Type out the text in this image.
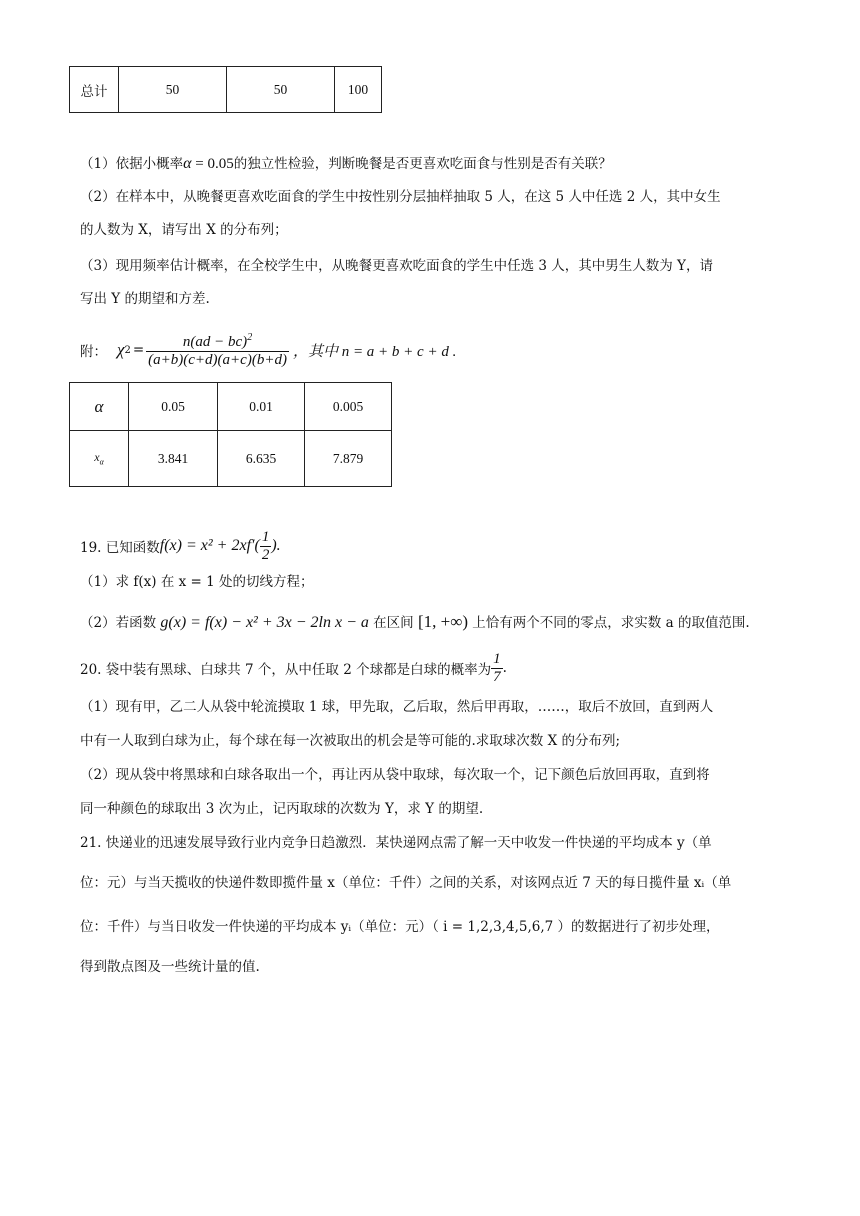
总计	50	50	100
（1）依据小概率α = 0.05的独立性检验，判断晚餐是否更喜欢吃面食与性别是否有关联？
（2）在样本中，从晚餐更喜欢吃面食的学生中按性别分层抽样抽取 5 人，在这 5 人中任选 2 人，其中女生
的人数为 X，请写出 X 的分布列；
（3）现用频率估计概率，在全校学生中，从晚餐更喜欢吃面食的学生中任选 3 人，其中男生人数为 Y，请
写出 Y 的期望和方差.
附： χ $2 = \frac{n(ad - bc)^2}{(a+b)(c+d)(a+c)(b+d)}$ ，其中 n = a + b + c + d .
α	0.05	0.01	0.005
$x_\alpha$	3.841	6.635	7.879
19. 已知函数 $f(x) = x^2 + 2xf'( \frac{1}{2}$ ).
（1）求 f(x) 在 x = 1 处的切线方程；
（2）若函数 g(x) = f(x) − x² + 3x − 2ln x − a 在区间 [1, +∞) 上恰有两个不同的零点，求实数 a 的取值范围.
20. 袋中装有黑球、白球共 7 个，从中任取 2 个球都是白球的概率为 $\frac{1}{7}$ .
（1）现有甲，乙二人从袋中轮流摸取 1 球，甲先取，乙后取，然后甲再取，……，取后不放回，直到两人
中有一人取到白球为止，每个球在每一次被取出的机会是等可能的.求取球次数 X 的分布列;
（2）现从袋中将黑球和白球各取出一个，再让丙从袋中取球，每次取一个，记下颜色后放回再取，直到将
同一种颜色的球取出 3 次为止，记丙取球的次数为 Y，求 Y 的期望.
21. 快递业的迅速发展导致行业内竞争日趋激烈．某快递网点需了解一天中收发一件快递的平均成本 y（单
位：元）与当天揽收的快递件数即揽件量 x（单位：千件）之间的关系，对该网点近 7 天的每日揽件量 xᵢ（单
位：千件）与当日收发一件快递的平均成本 yᵢ（单位：元）（ i = 1,2,3,4,5,6,7 ）的数据进行了初步处理，
得到散点图及一些统计量的值.
